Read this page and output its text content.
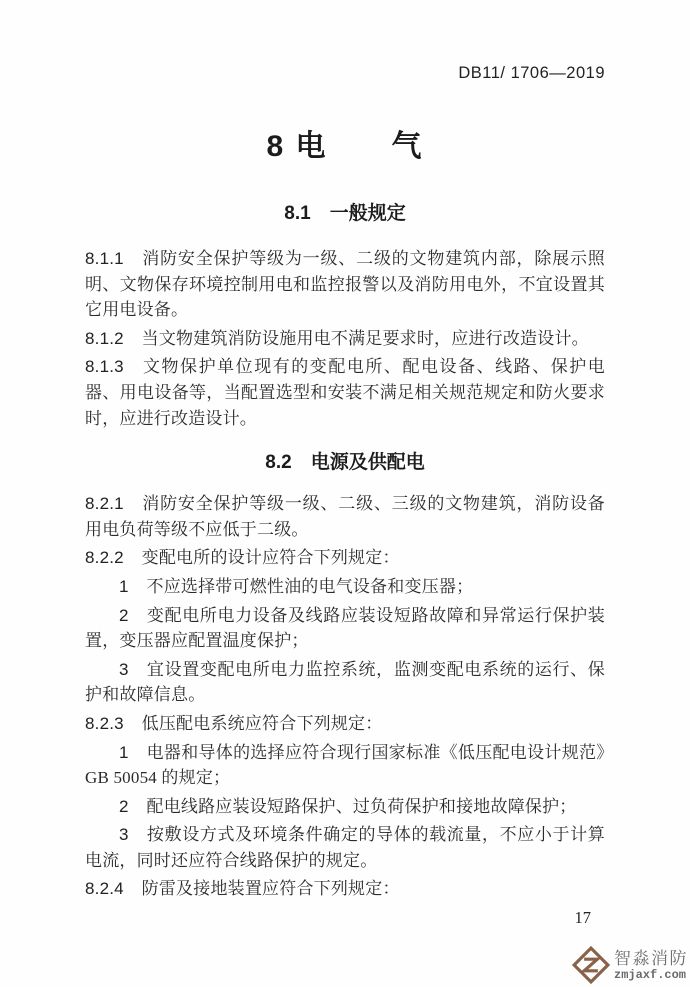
DB11/ 1706—2019
8 电　　气
8.1　一般规定

8.1.1 消防安全保护等级为一级、二级的文物建筑内部，除展示照明、文物保存环境控制用电和监控报警以及消防用电外，不宜设置其它用电设备。

8.1.2 当文物建筑消防设施用电不满足要求时，应进行改造设计。

8.1.3 文物保护单位现有的变配电所、配电设备、线路、保护电器、用电设备等，当配置选型和安装不满足相关规范规定和防火要求时，应进行改造设计。

8.2　电源及供配电

8.2.1 消防安全保护等级一级、二级、三级的文物建筑，消防设备用电负荷等级不应低于二级。

8.2.2 变配电所的设计应符合下列规定：

1 不应选择带可燃性油的电气设备和变压器；

2 变配电所电力设备及线路应装设短路故障和异常运行保护装置，变压器应配置温度保护；

3 宜设置变配电所电力监控系统，监测变配电系统的运行、保护和故障信息。

8.2.3 低压配电系统应符合下列规定：

1 电器和导体的选择应符合现行国家标准《低压配电设计规范》GB 50054 的规定；

2 配电线路应装设短路保护、过负荷保护和接地故障保护；

3 按敷设方式及环境条件确定的导体的载流量，不应小于计算电流，同时还应符合线路保护的规定。

8.2.4 防雷及接地装置应符合下列规定：

17
智淼消防
zmjaxf.com
